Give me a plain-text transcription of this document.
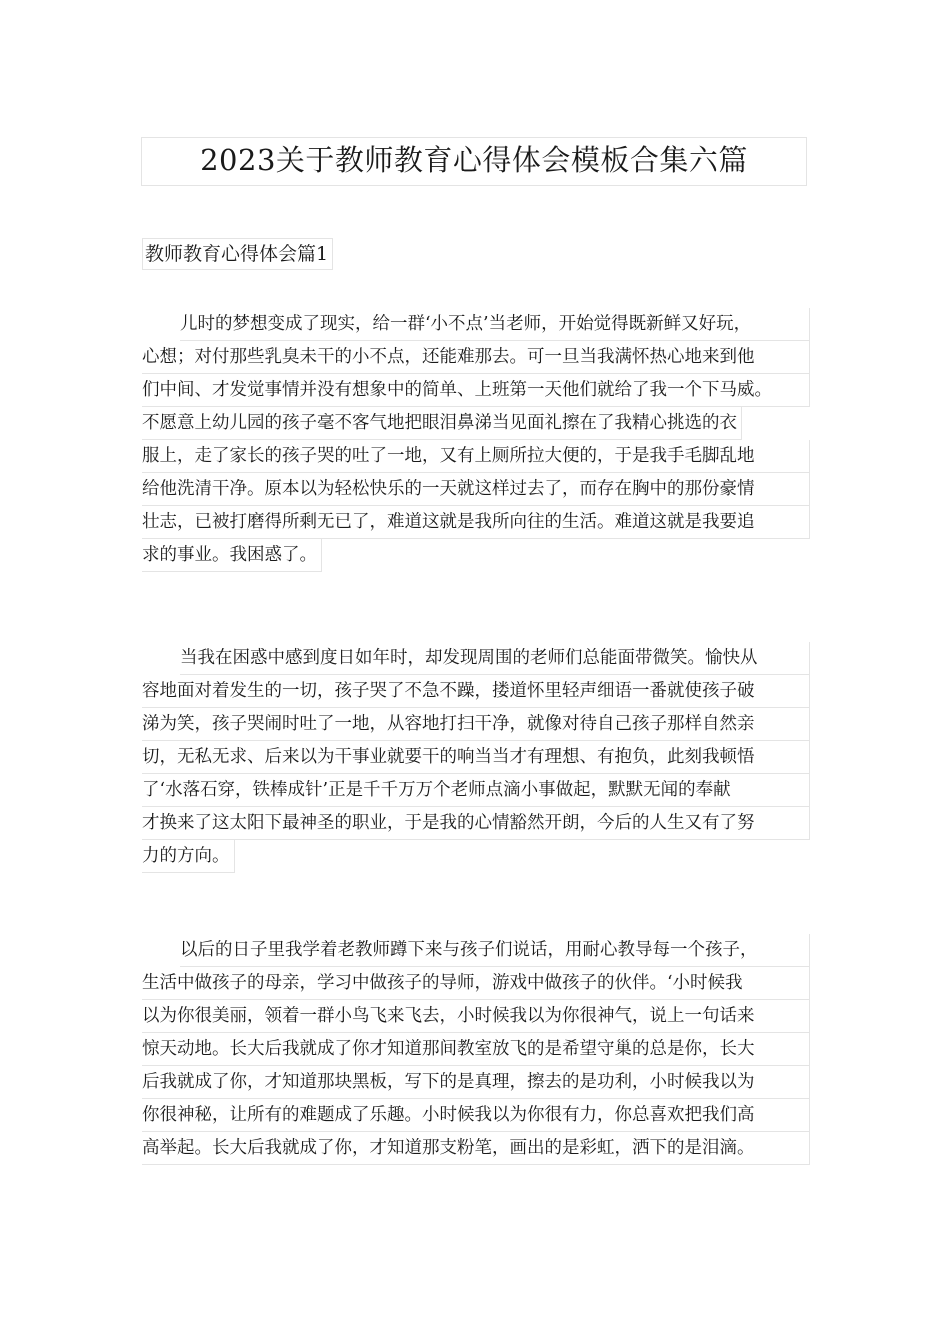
2023关于教师教育心得体会模板合集六篇
教师教育心得体会篇1
儿时的梦想变成了现实，给一群‘小不点’当老师，开始觉得既新鲜又好玩，
心想；对付那些乳臭未干的小不点，还能难那去。可一旦当我满怀热心地来到他
们中间、才发觉事情并没有想象中的简单、上班第一天他们就给了我一个下马威。
不愿意上幼儿园的孩子毫不客气地把眼泪鼻涕当见面礼擦在了我精心挑选的衣
服上，走了家长的孩子哭的吐了一地，又有上厕所拉大便的，于是我手毛脚乱地
给他洗清干净。原本以为轻松快乐的一天就这样过去了，而存在胸中的那份豪情
壮志，已被打磨得所剩无已了，难道这就是我所向往的生活。难道这就是我要追
求的事业。我困惑了。
当我在困惑中感到度日如年时，却发现周围的老师们总能面带微笑。愉快从
容地面对着发生的一切，孩子哭了不急不躁，搂道怀里轻声细语一番就使孩子破
涕为笑，孩子哭闹时吐了一地，从容地打扫干净，就像对待自己孩子那样自然亲
切，无私无求、后来以为干事业就要干的响当当才有理想、有抱负，此刻我顿悟
了‘水落石穿，铁棒成针’正是千千万万个老师点滴小事做起，默默无闻的奉献
才换来了这太阳下最神圣的职业，于是我的心情豁然开朗，今后的人生又有了努
力的方向。
以后的日子里我学着老教师蹲下来与孩子们说话，用耐心教导每一个孩子，
生活中做孩子的母亲，学习中做孩子的导师，游戏中做孩子的伙伴。‘小时候我
以为你很美丽，领着一群小鸟飞来飞去，小时候我以为你很神气，说上一句话来
惊天动地。长大后我就成了你才知道那间教室放飞的是希望守巢的总是你，长大
后我就成了你，才知道那块黑板，写下的是真理，擦去的是功利，小时候我以为
你很神秘，让所有的难题成了乐趣。小时候我以为你很有力，你总喜欢把我们高
高举起。长大后我就成了你，才知道那支粉笔，画出的是彩虹，洒下的是泪滴。
